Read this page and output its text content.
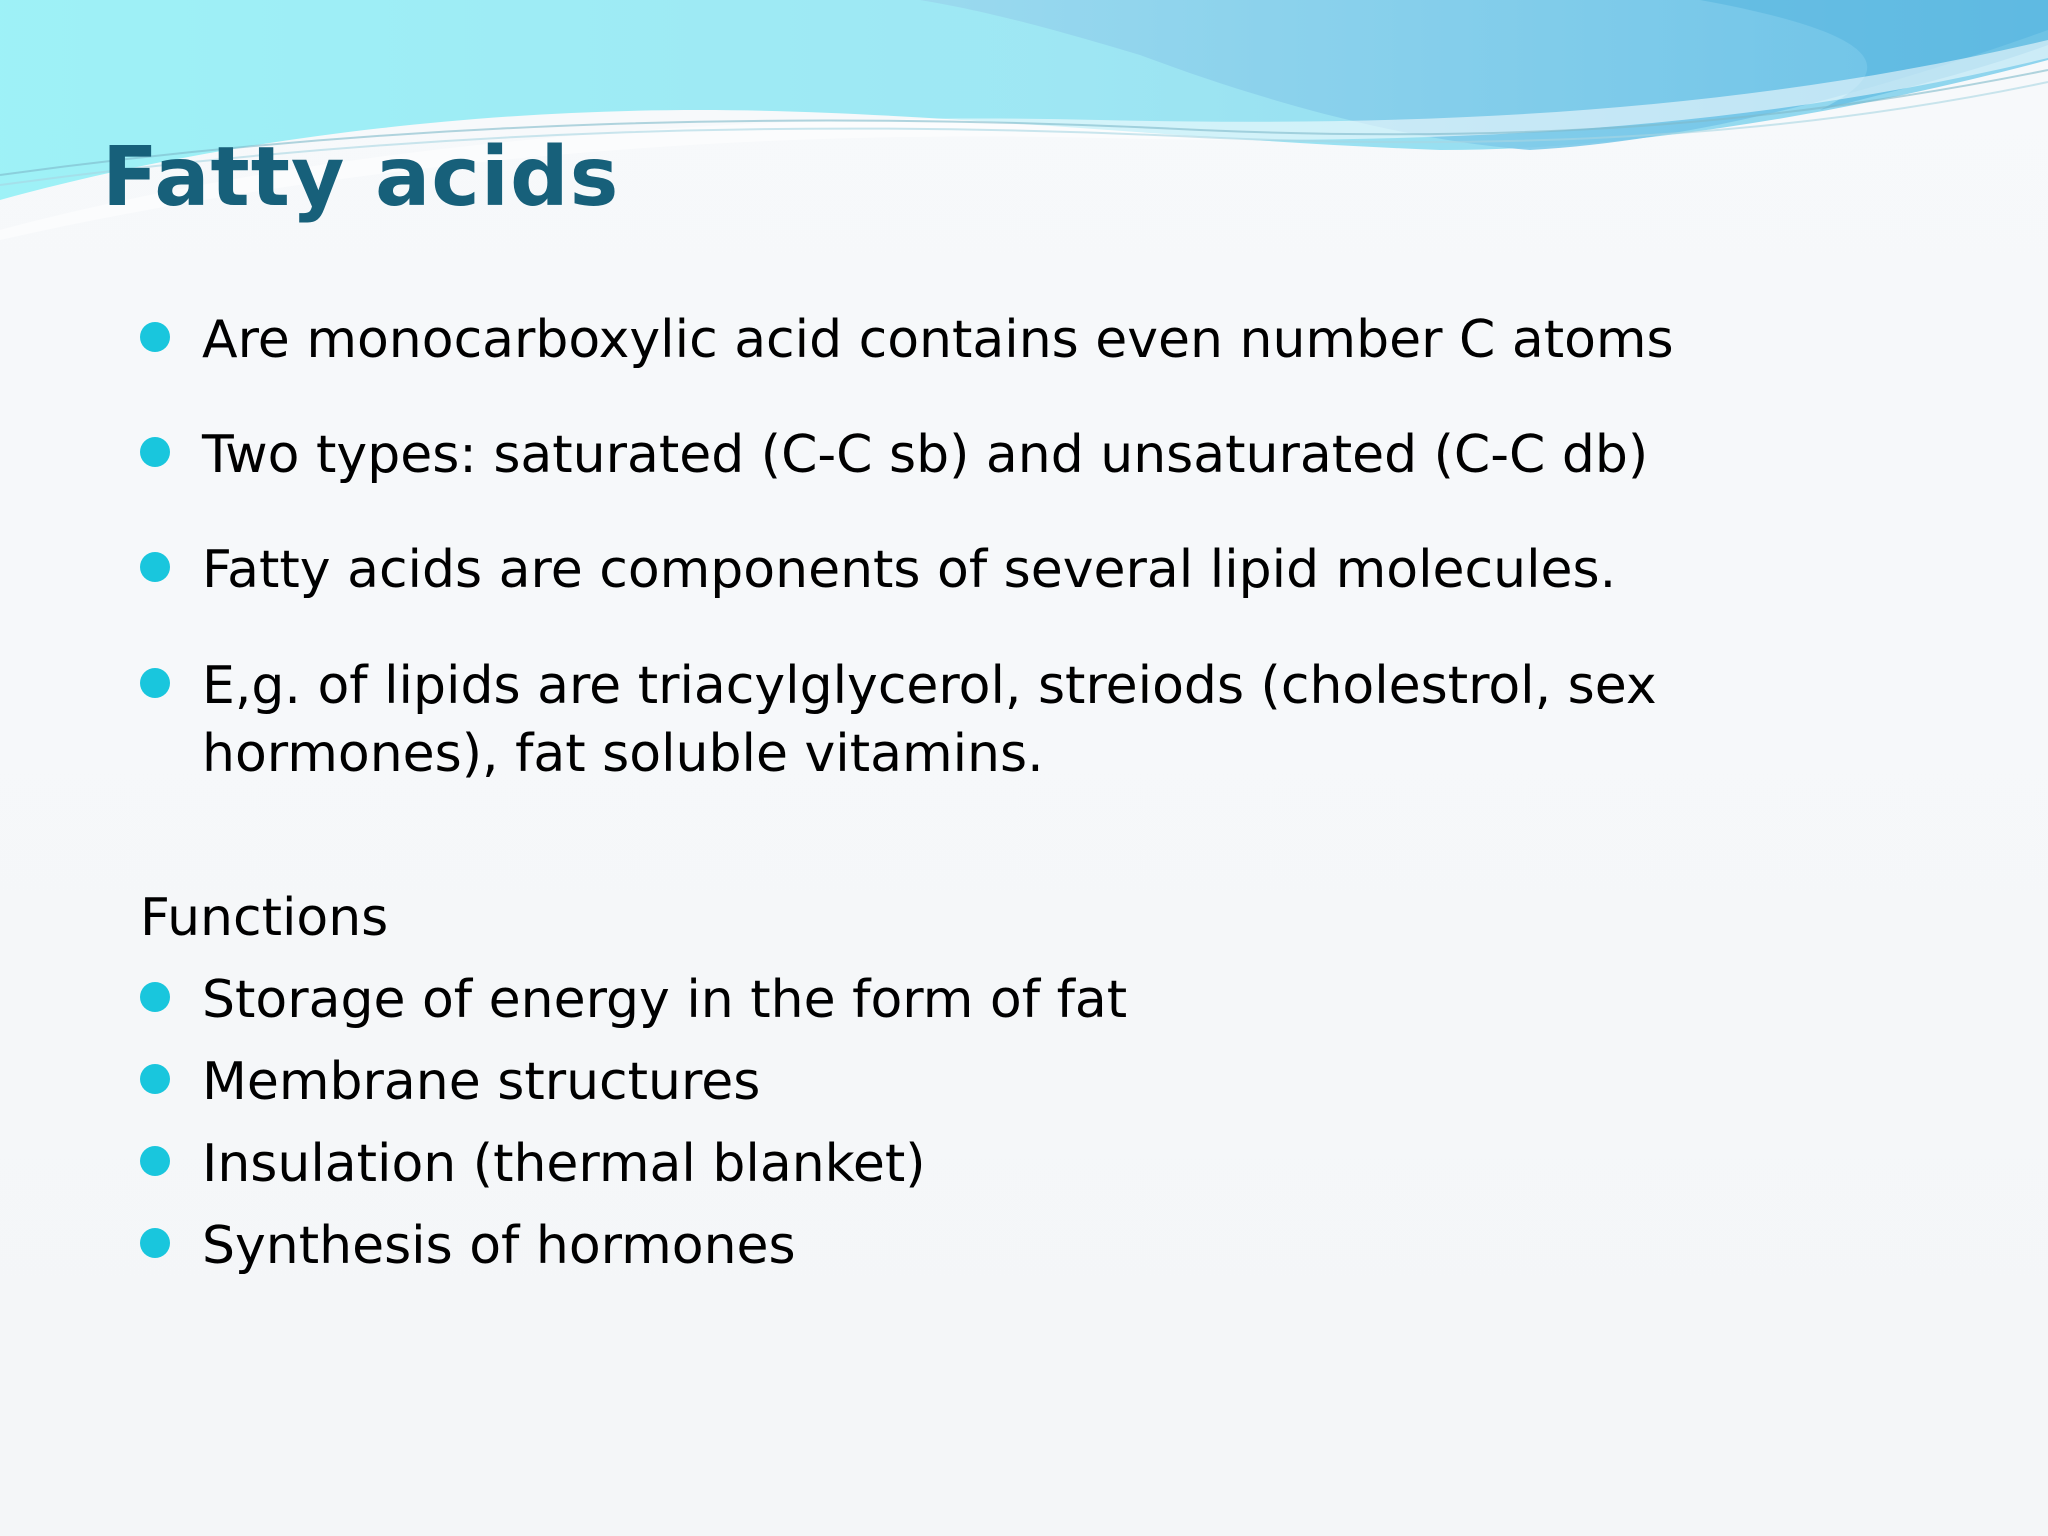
Fatty acids
Are monocarboxylic acid contains even number C atoms
Two types: saturated (C-C sb) and unsaturated (C-C db)
Fatty acids are components of several lipid molecules.
E,g. of lipids are triacylglycerol, streiods (cholestrol, sex
hormones), fat soluble vitamins.
Functions
Storage of energy in the form of fat
Membrane structures
Insulation (thermal blanket)
Synthesis of hormones
